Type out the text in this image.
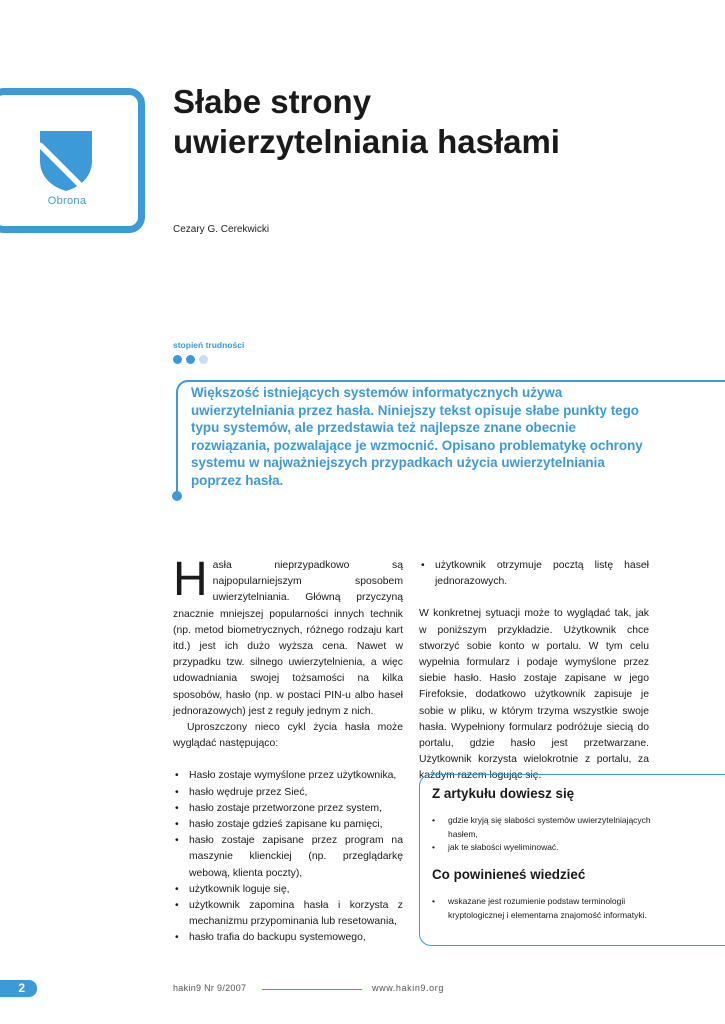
Obrona
Słabe strony
uwierzytelniania hasłami
Cezary G. Cerekwicki
stopień trudności

Większość istniejących systemów informatycznych używa uwierzytelniania przez hasła. Niniejszy tekst opisuje słabe punkty tego typu systemów, ale przedstawia też najlepsze znane obecnie rozwiązania, pozwalające je wzmocnić. Opisano problematykę ochrony systemu w najważniejszych przypadkach użycia uwierzytelniania poprzez hasła.

Hasła nieprzypadkowo są najpopularniejszym sposobem uwierzytelniania. Główną przyczyną znacznie mniejszej popularności innych technik (np. metod biometrycznych, różnego rodzaju kart itd.) jest ich dużo wyższa cena. Nawet w przypadku tzw. silnego uwierzytelnienia, a więc udowadniania swojej tożsamości na kilka sposobów, hasło (np. w postaci PIN-u albo haseł jednorazowych) jest z reguły jednym z nich.

Uproszczony nieco cykl życia hasła może wyglądać następująco:

• Hasło zostaje wymyślone przez użytkownika,
• hasło wędruje przez Sieć,
• hasło zostaje przetworzone przez system,
• hasło zostaje gdzieś zapisane ku pamięci,
• hasło zostaje zapisane przez program na maszynie klienckiej (np. przeglądarkę webową, klienta poczty),
• użytkownik loguje się,
• użytkownik zapomina hasła i korzysta z mechanizmu przypominania lub resetowania,
• hasło trafia do backupu systemowego,
• użytkownik otrzymuje pocztą listę haseł jednorazowych.

W konkretnej sytuacji może to wyglądać tak, jak w poniższym przykładzie. Użytkownik chce stworzyć sobie konto w portalu. W tym celu wypełnia formularz i podaje wymyślone przez siebie hasło. Hasło zostaje zapisane w jego Firefoksie, dodatkowo użytkownik zapisuje je sobie w pliku, w którym trzyma wszystkie swoje hasła. Wypełniony formularz podróżuje siecią do portalu, gdzie hasło jest przetwarzane. Użytkownik korzysta wielokrotnie z portalu, za każdym razem logując się.

Z artykułu dowiesz się
• gdzie kryją się słabości systemów uwierzytelniających hasłem,
• jak te słabości wyeliminować.
Co powinieneś wiedzieć
• wskazane jest rozumienie podstaw terminologii kryptologicznej i elementarna znajomość informatyki.
2	hakin9 Nr 9/2007	www.hakin9.org
